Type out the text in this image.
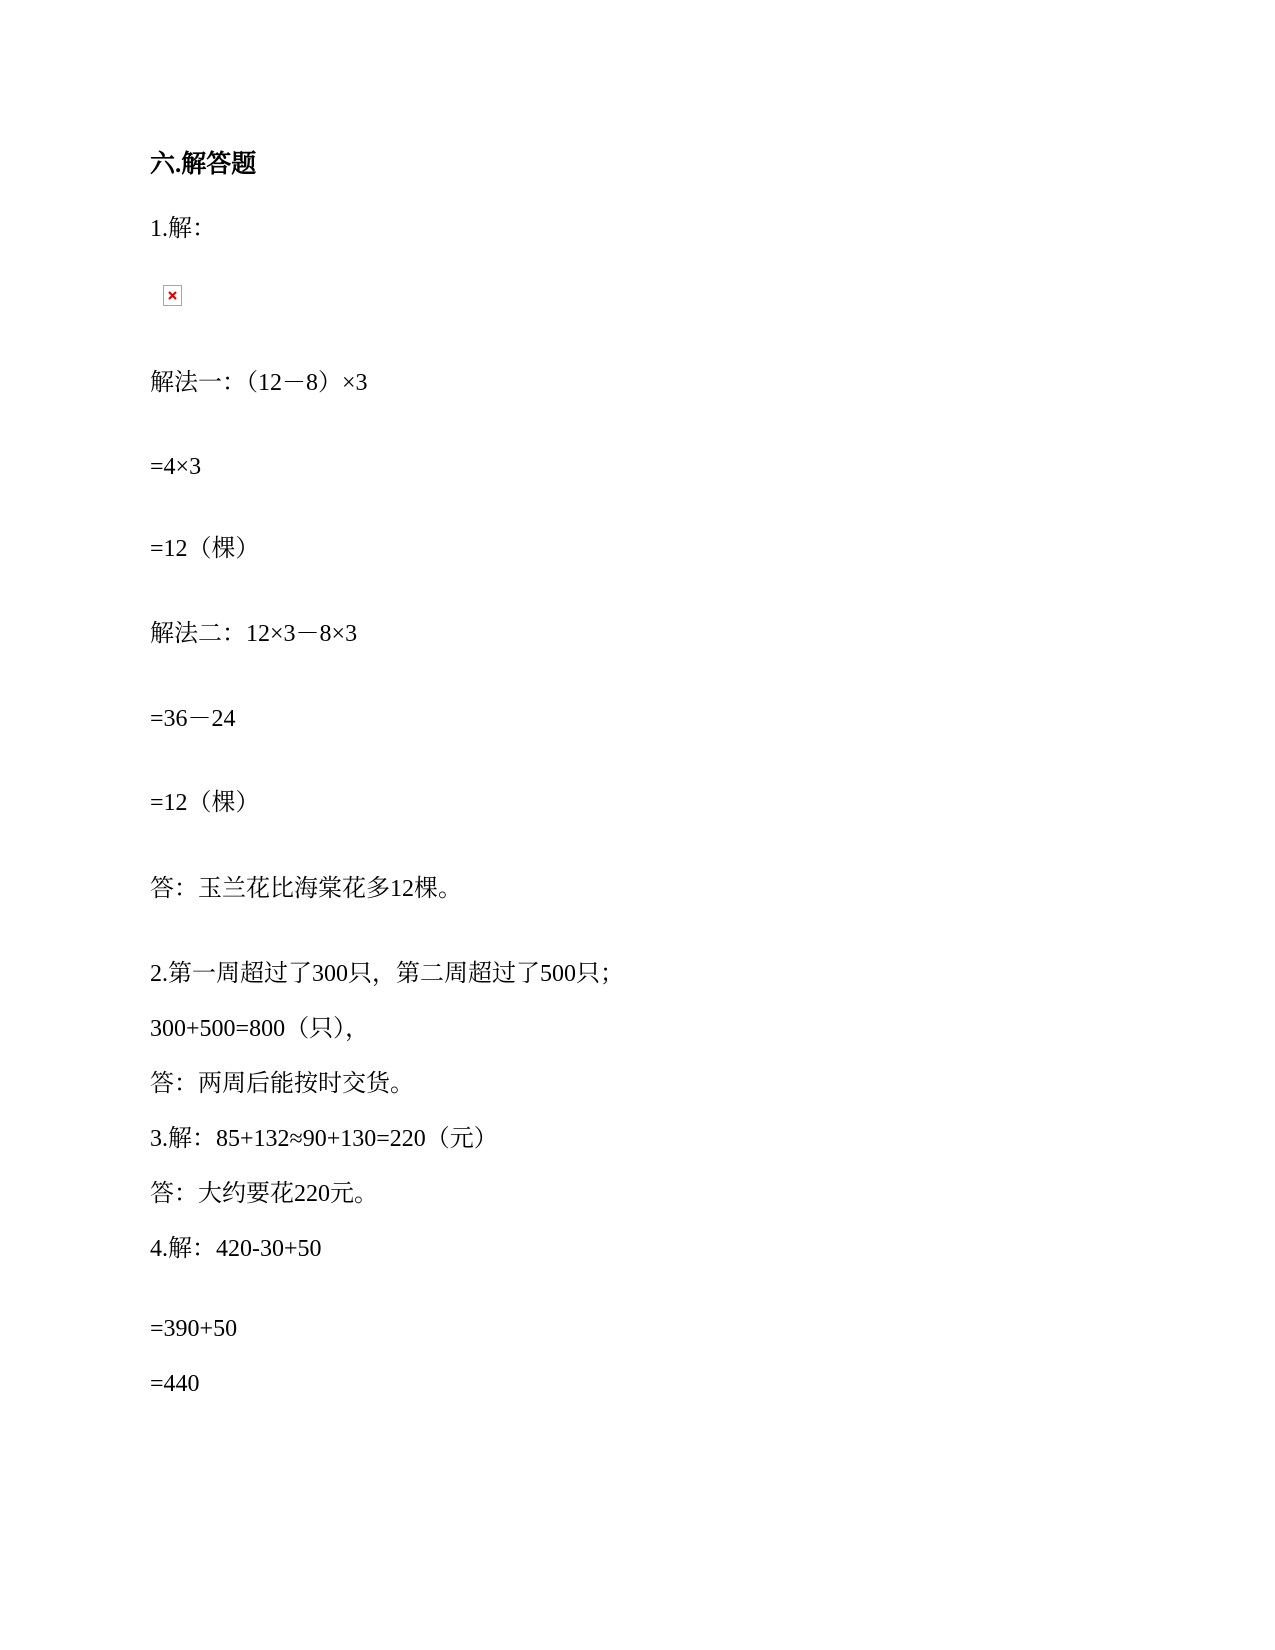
六.解答题
1.解：
解法一：（12－8）×3
=4×3
=12（棵）
解法二：12×3－8×3
=36－24
=12（棵）
答：玉兰花比海棠花多12棵。
2.第一周超过了300只，第二周超过了500只；
300+500=800（只），
答：两周后能按时交货。
3.解：85+132≈90+130=220（元）
答：大约要花220元。
4.解：420-30+50
=390+50
=440
